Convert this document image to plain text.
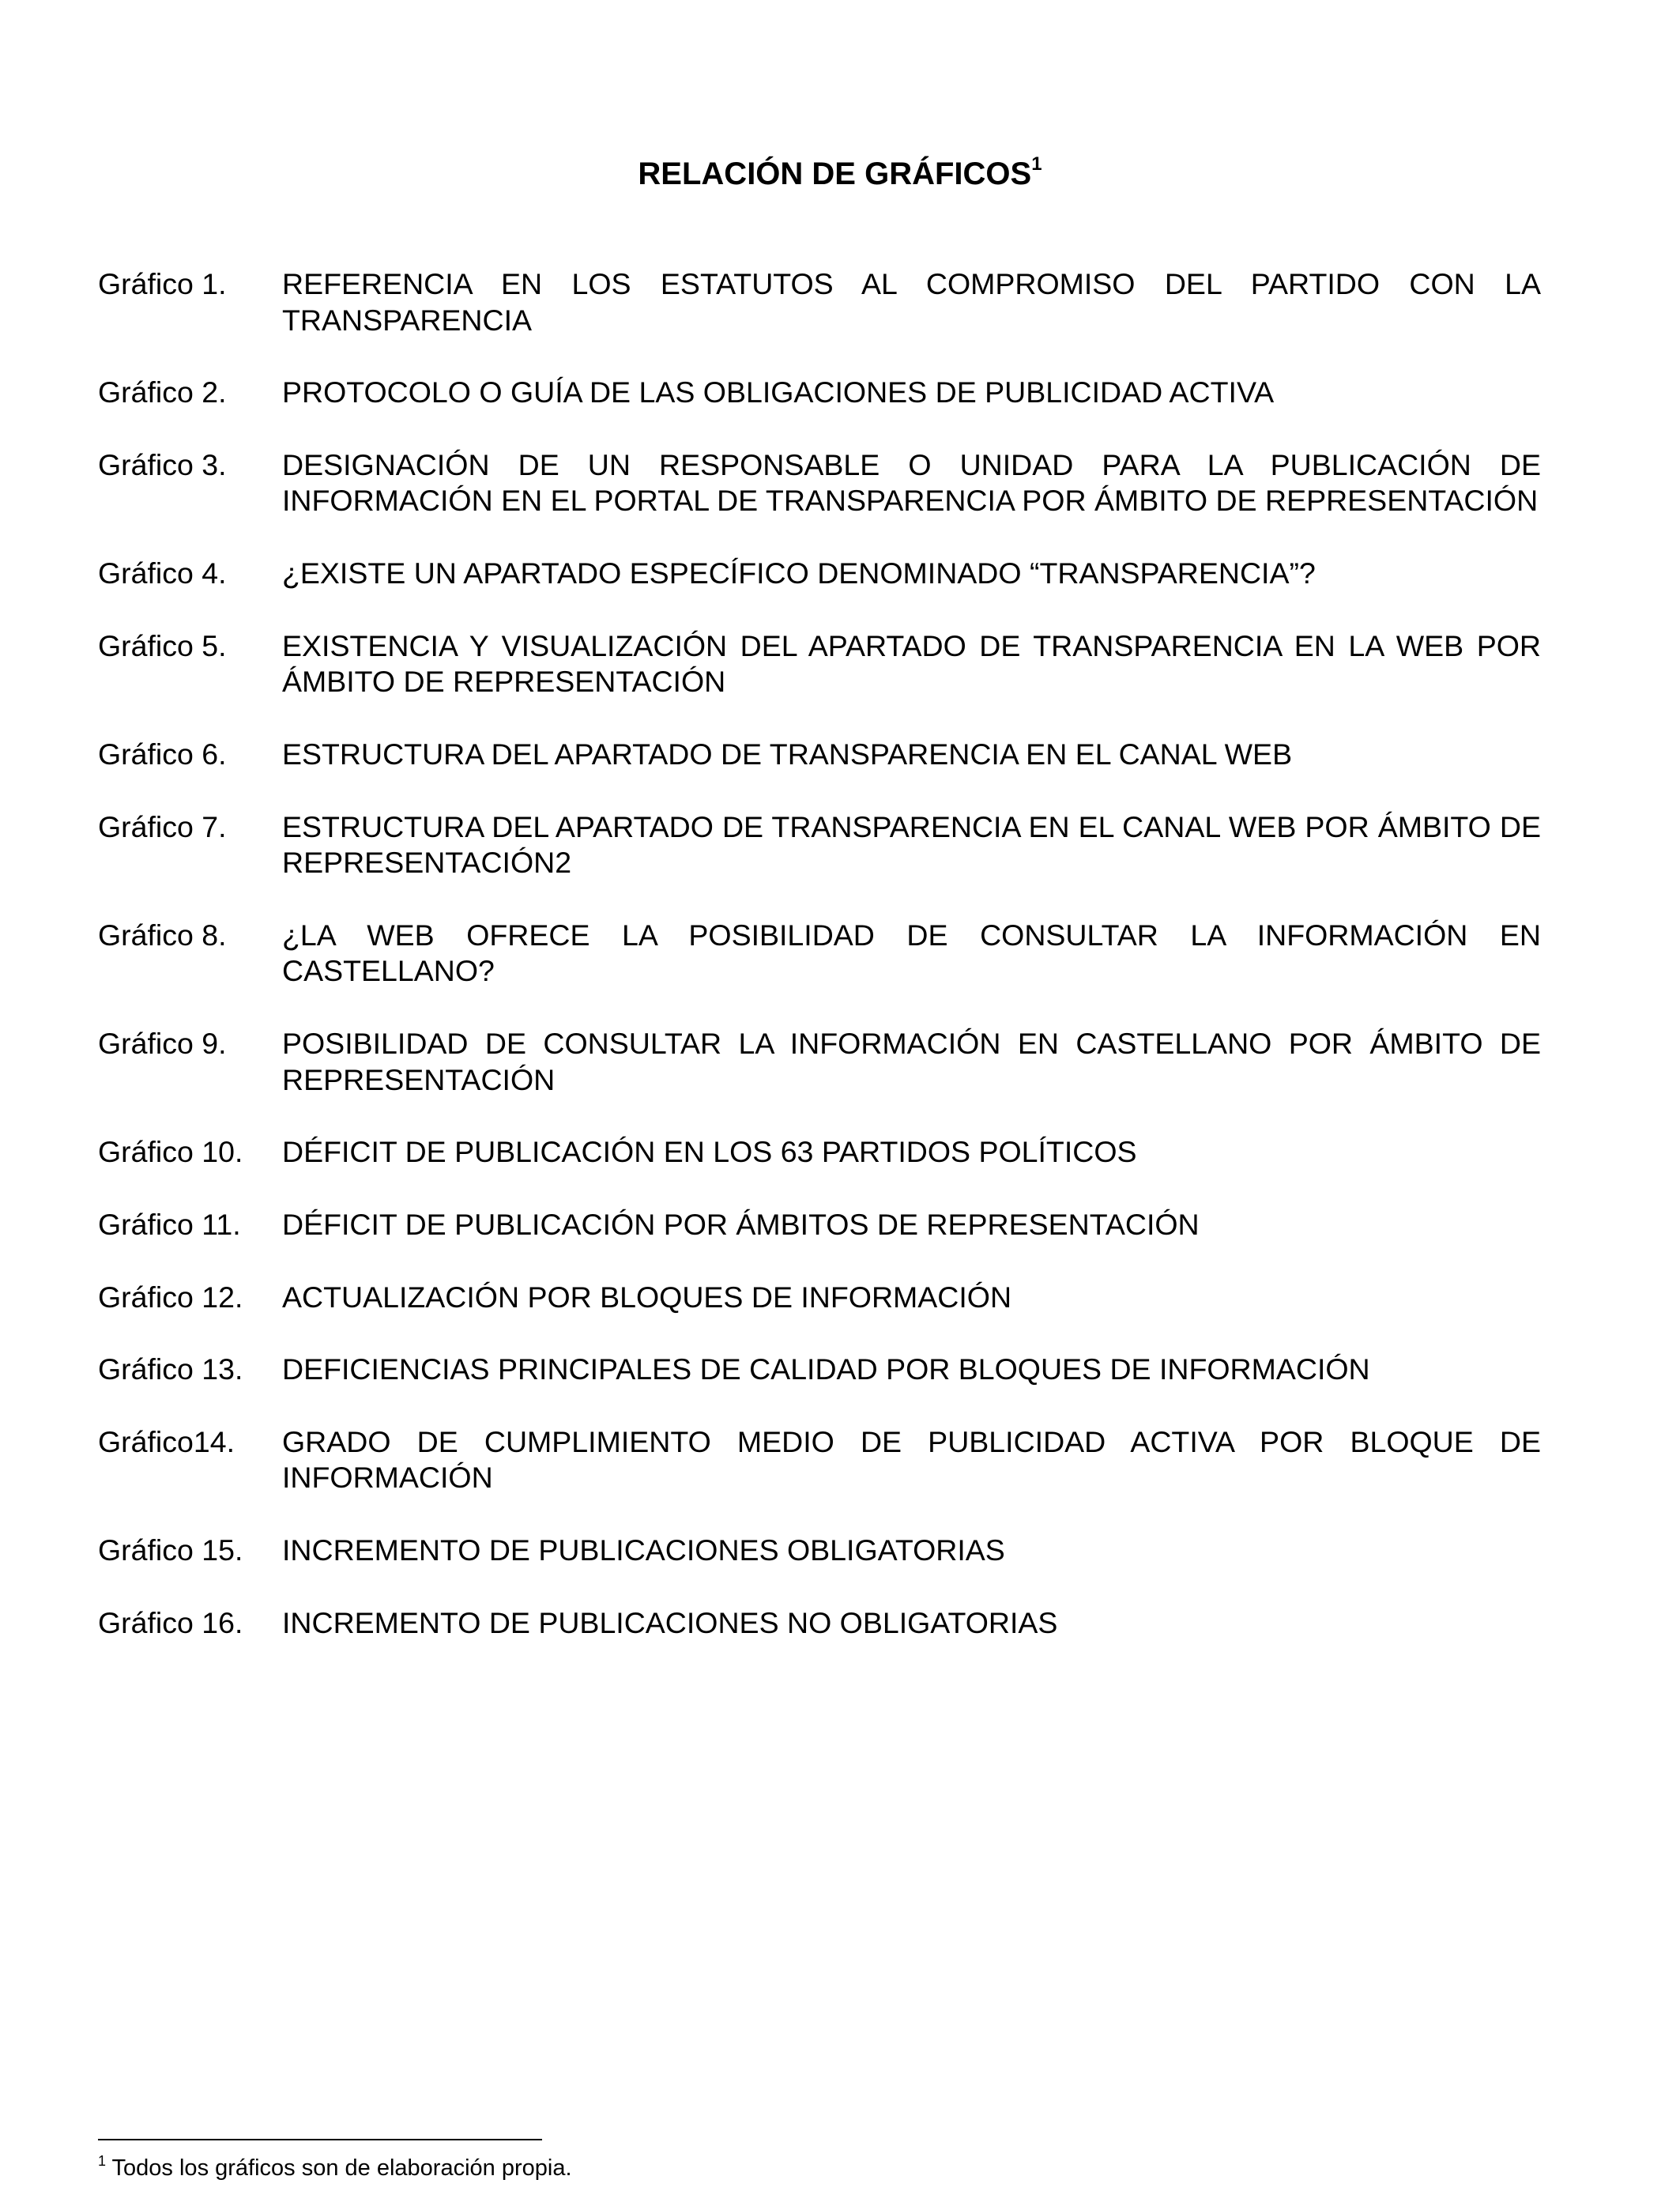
RELACIÓN DE GRÁFICOS$^1$
Gráfico 1.	REFERENCIA EN LOS ESTATUTOS AL COMPROMISO DEL PARTIDO CON LA TRANSPARENCIA
Gráfico 2.	PROTOCOLO O GUÍA DE LAS OBLIGACIONES DE PUBLICIDAD ACTIVA
Gráfico 3.	DESIGNACIÓN DE UN RESPONSABLE O UNIDAD PARA LA PUBLICACIÓN DE INFORMACIÓN EN EL PORTAL DE TRANSPARENCIA POR ÁMBITO DE REPRESENTACIÓN
Gráfico 4.	¿EXISTE UN APARTADO ESPECÍFICO DENOMINADO “TRANSPARENCIA”?
Gráfico 5.	EXISTENCIA Y VISUALIZACIÓN DEL APARTADO DE TRANSPARENCIA EN LA WEB POR ÁMBITO DE REPRESENTACIÓN
Gráfico 6.	ESTRUCTURA DEL APARTADO DE TRANSPARENCIA EN EL CANAL WEB
Gráfico 7.	ESTRUCTURA DEL APARTADO DE TRANSPARENCIA EN EL CANAL WEB POR ÁMBITO DE REPRESENTACIÓN2
Gráfico 8.	¿LA WEB OFRECE LA POSIBILIDAD DE CONSULTAR LA INFORMACIÓN EN CASTELLANO?
Gráfico 9.	POSIBILIDAD DE CONSULTAR LA INFORMACIÓN EN CASTELLANO POR ÁMBITO DE REPRESENTACIÓN
Gráfico 10.	DÉFICIT DE PUBLICACIÓN EN LOS 63 PARTIDOS POLÍTICOS
Gráfico 11.	DÉFICIT DE PUBLICACIÓN POR ÁMBITOS DE REPRESENTACIÓN
Gráfico 12.	ACTUALIZACIÓN POR BLOQUES DE INFORMACIÓN
Gráfico 13.	DEFICIENCIAS PRINCIPALES DE CALIDAD POR BLOQUES DE INFORMACIÓN
Gráfico14.	GRADO DE CUMPLIMIENTO MEDIO DE PUBLICIDAD ACTIVA POR BLOQUE DE INFORMACIÓN
Gráfico 15.	INCREMENTO DE PUBLICACIONES OBLIGATORIAS
Gráfico 16.	INCREMENTO DE PUBLICACIONES NO OBLIGATORIAS
$^1$ Todos los gráficos son de elaboración propia.
